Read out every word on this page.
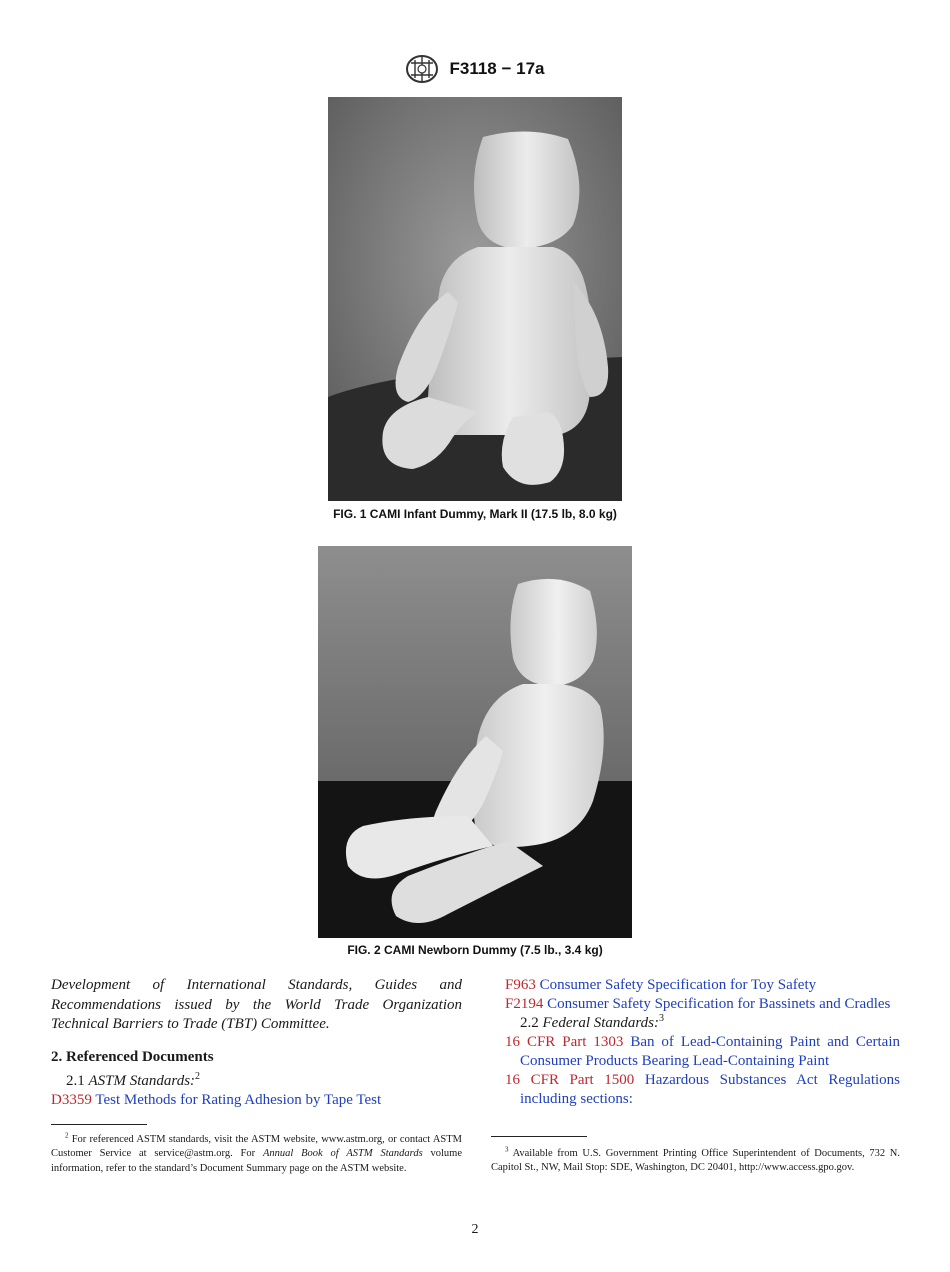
F3118 − 17a
FIG. 1 CAMI Infant Dummy, Mark II (17.5 lb, 8.0 kg)
FIG. 2 CAMI Newborn Dummy (7.5 lb., 3.4 kg)

Development of International Standards, Guides and Recommendations issued by the World Trade Organization Technical Barriers to Trade (TBT) Committee.

2. Referenced Documents

2.1 ASTM Standards:$^2$

D3359 Test Methods for Rating Adhesion by Tape Test

F963 Consumer Safety Specification for Toy Safety

F2194 Consumer Safety Specification for Bassinets and Cradles

2.2 Federal Standards:$^3$

16 CFR Part 1303 Ban of Lead-Containing Paint and Certain Consumer Products Bearing Lead-Containing Paint

16 CFR Part 1500 Hazardous Substances Act Regulations including sections:

$^2$ For referenced ASTM standards, visit the ASTM website, www.astm.org, or contact ASTM Customer Service at service@astm.org. For Annual Book of ASTM Standards volume information, refer to the standard’s Document Summary page on the ASTM website.

$^3$ Available from U.S. Government Printing Office Superintendent of Documents, 732 N. Capitol St., NW, Mail Stop: SDE, Washington, DC 20401, http://www.access.gpo.gov.

2
